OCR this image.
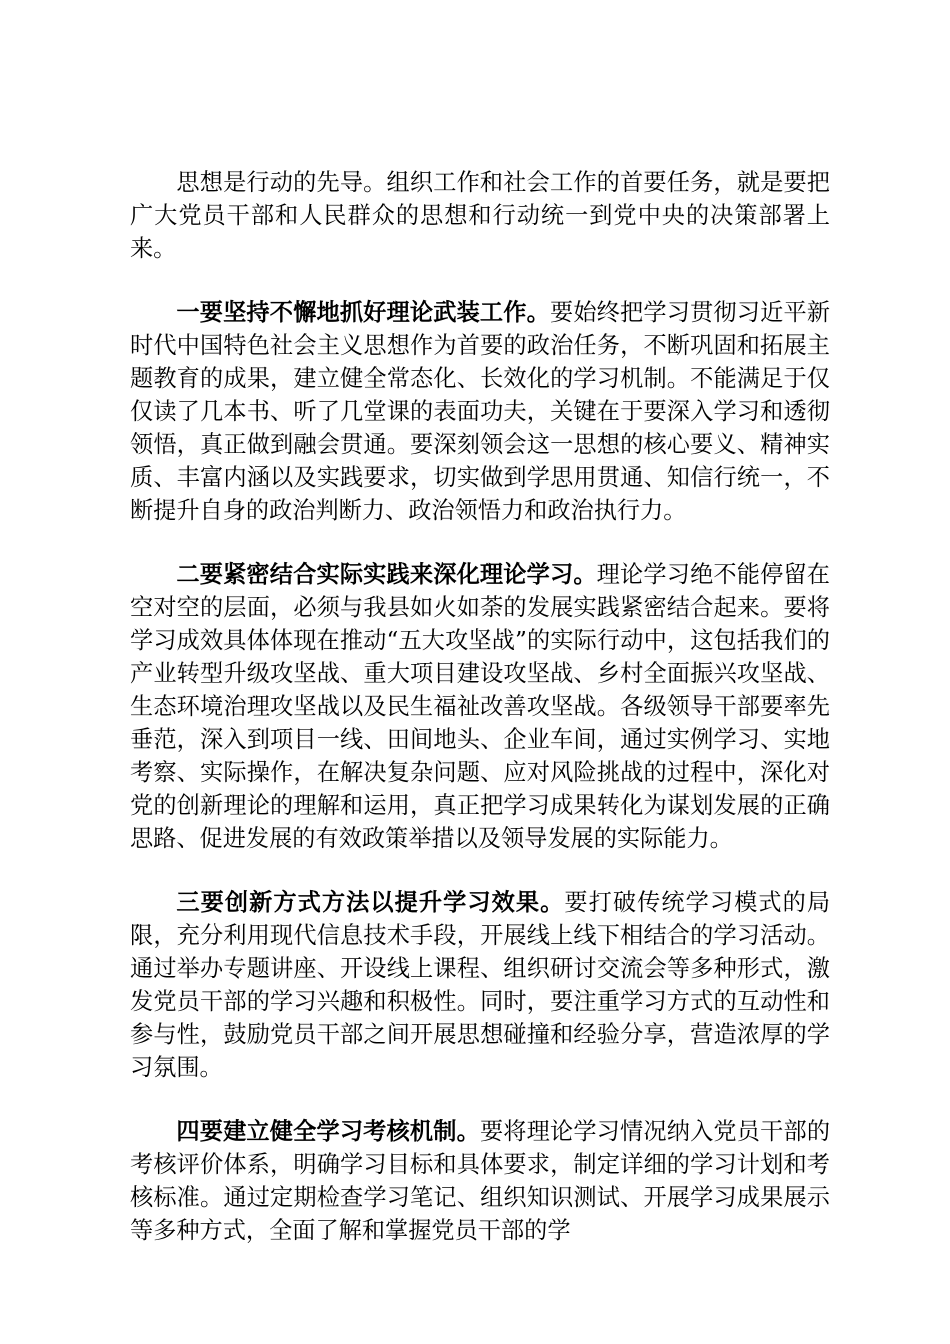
思想是行动的先导。组织工作和社会工作的首要任务，就是要把广大党员干部和人民群众的思想和行动统一到党中央的决策部署上来。

一要坚持不懈地抓好理论武装工作。要始终把学习贯彻习近平新时代中国特色社会主义思想作为首要的政治任务，不断巩固和拓展主题教育的成果，建立健全常态化、长效化的学习机制。不能满足于仅仅读了几本书、听了几堂课的表面功夫，关键在于要深入学习和透彻领悟，真正做到融会贯通。要深刻领会这一思想的核心要义、精神实质、丰富内涵以及实践要求，切实做到学思用贯通、知信行统一，不断提升自身的政治判断力、政治领悟力和政治执行力。

二要紧密结合实际实践来深化理论学习。理论学习绝不能停留在空对空的层面，必须与我县如火如荼的发展实践紧密结合起来。要将学习成效具体体现在推动“五大攻坚战”的实际行动中，这包括我们的产业转型升级攻坚战、重大项目建设攻坚战、乡村全面振兴攻坚战、生态环境治理攻坚战以及民生福祉改善攻坚战。各级领导干部要率先垂范，深入到项目一线、田间地头、企业车间，通过实例学习、实地考察、实际操作，在解决复杂问题、应对风险挑战的过程中，深化对党的创新理论的理解和运用，真正把学习成果转化为谋划发展的正确思路、促进发展的有效政策举措以及领导发展的实际能力。

三要创新方式方法以提升学习效果。要打破传统学习模式的局限，充分利用现代信息技术手段，开展线上线下相结合的学习活动。通过举办专题讲座、开设线上课程、组织研讨交流会等多种形式，激发党员干部的学习兴趣和积极性。同时，要注重学习方式的互动性和参与性，鼓励党员干部之间开展思想碰撞和经验分享，营造浓厚的学习氛围。

四要建立健全学习考核机制。要将理论学习情况纳入党员干部的考核评价体系，明确学习目标和具体要求，制定详细的学习计划和考核标准。通过定期检查学习笔记、组织知识测试、开展学习成果展示等多种方式，全面了解和掌握党员干部的学
